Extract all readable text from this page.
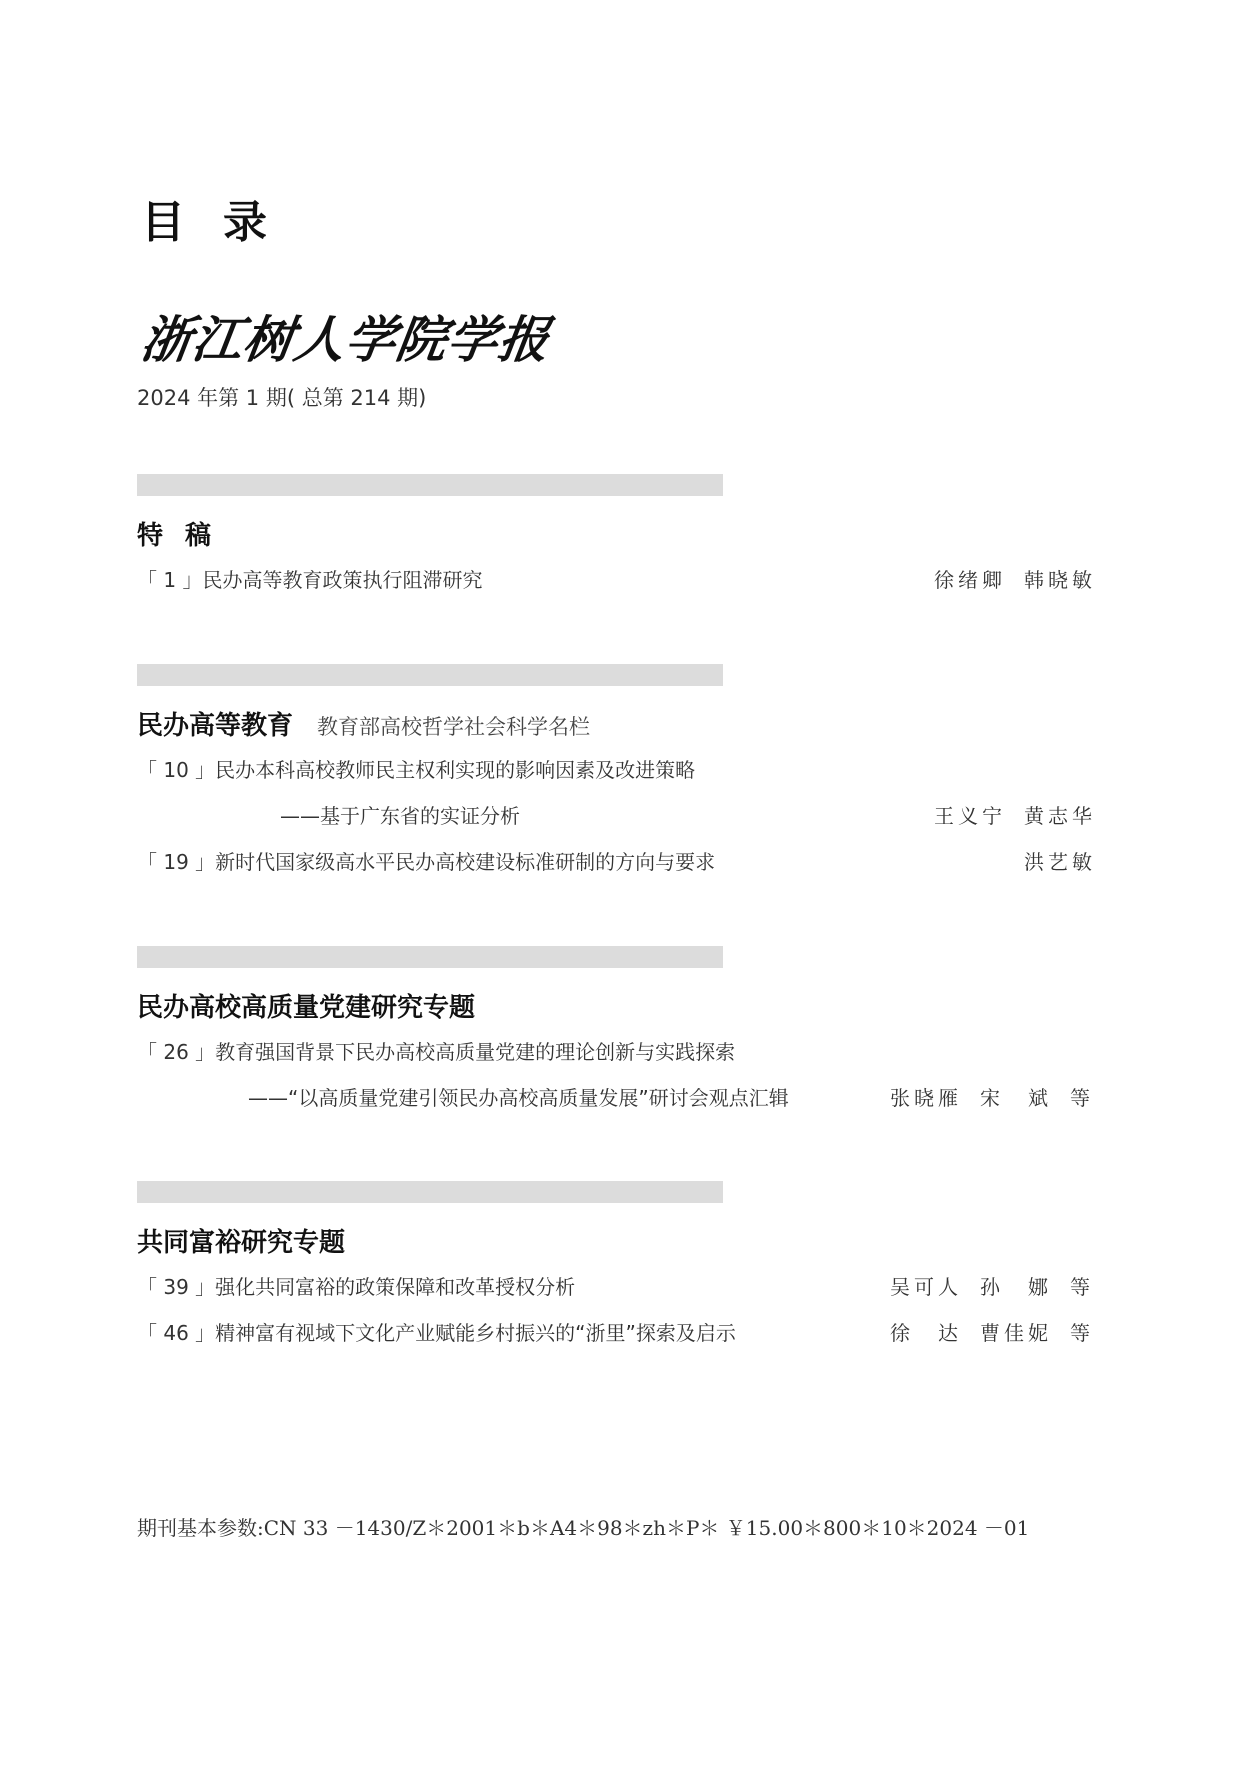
目录
浙江树人学院学报
2024 年第 1 期( 总第 214 期)
特稿
「 1 」民办高等教育政策执行阻滞研究	徐绪卿 韩晓敏
民办高等教育 教育部高校哲学社会科学名栏
「 10 」民办本科高校教师民主权利实现的影响因素及改进策略
——基于广东省的实证分析	王义宁 黄志华
「 19 」新时代国家级高水平民办高校建设标准研制的方向与要求	洪艺敏
民办高校高质量党建研究专题
「 26 」教育强国背景下民办高校高质量党建的理论创新与实践探索
——“以高质量党建引领民办高校高质量发展”研讨会观点汇辑	张晓雁 宋斌 等
共同富裕研究专题
「 39 」强化共同富裕的政策保障和改革授权分析	吴可人 孙娜 等
「 46 」精神富有视域下文化产业赋能乡村振兴的“浙里”探索及启示	徐达 曹佳妮 等
期刊基本参数:CN 33 －1430/Z＊2001＊b＊A4＊98＊zh＊P＊ ￥15.00＊800＊10＊2024 －01
